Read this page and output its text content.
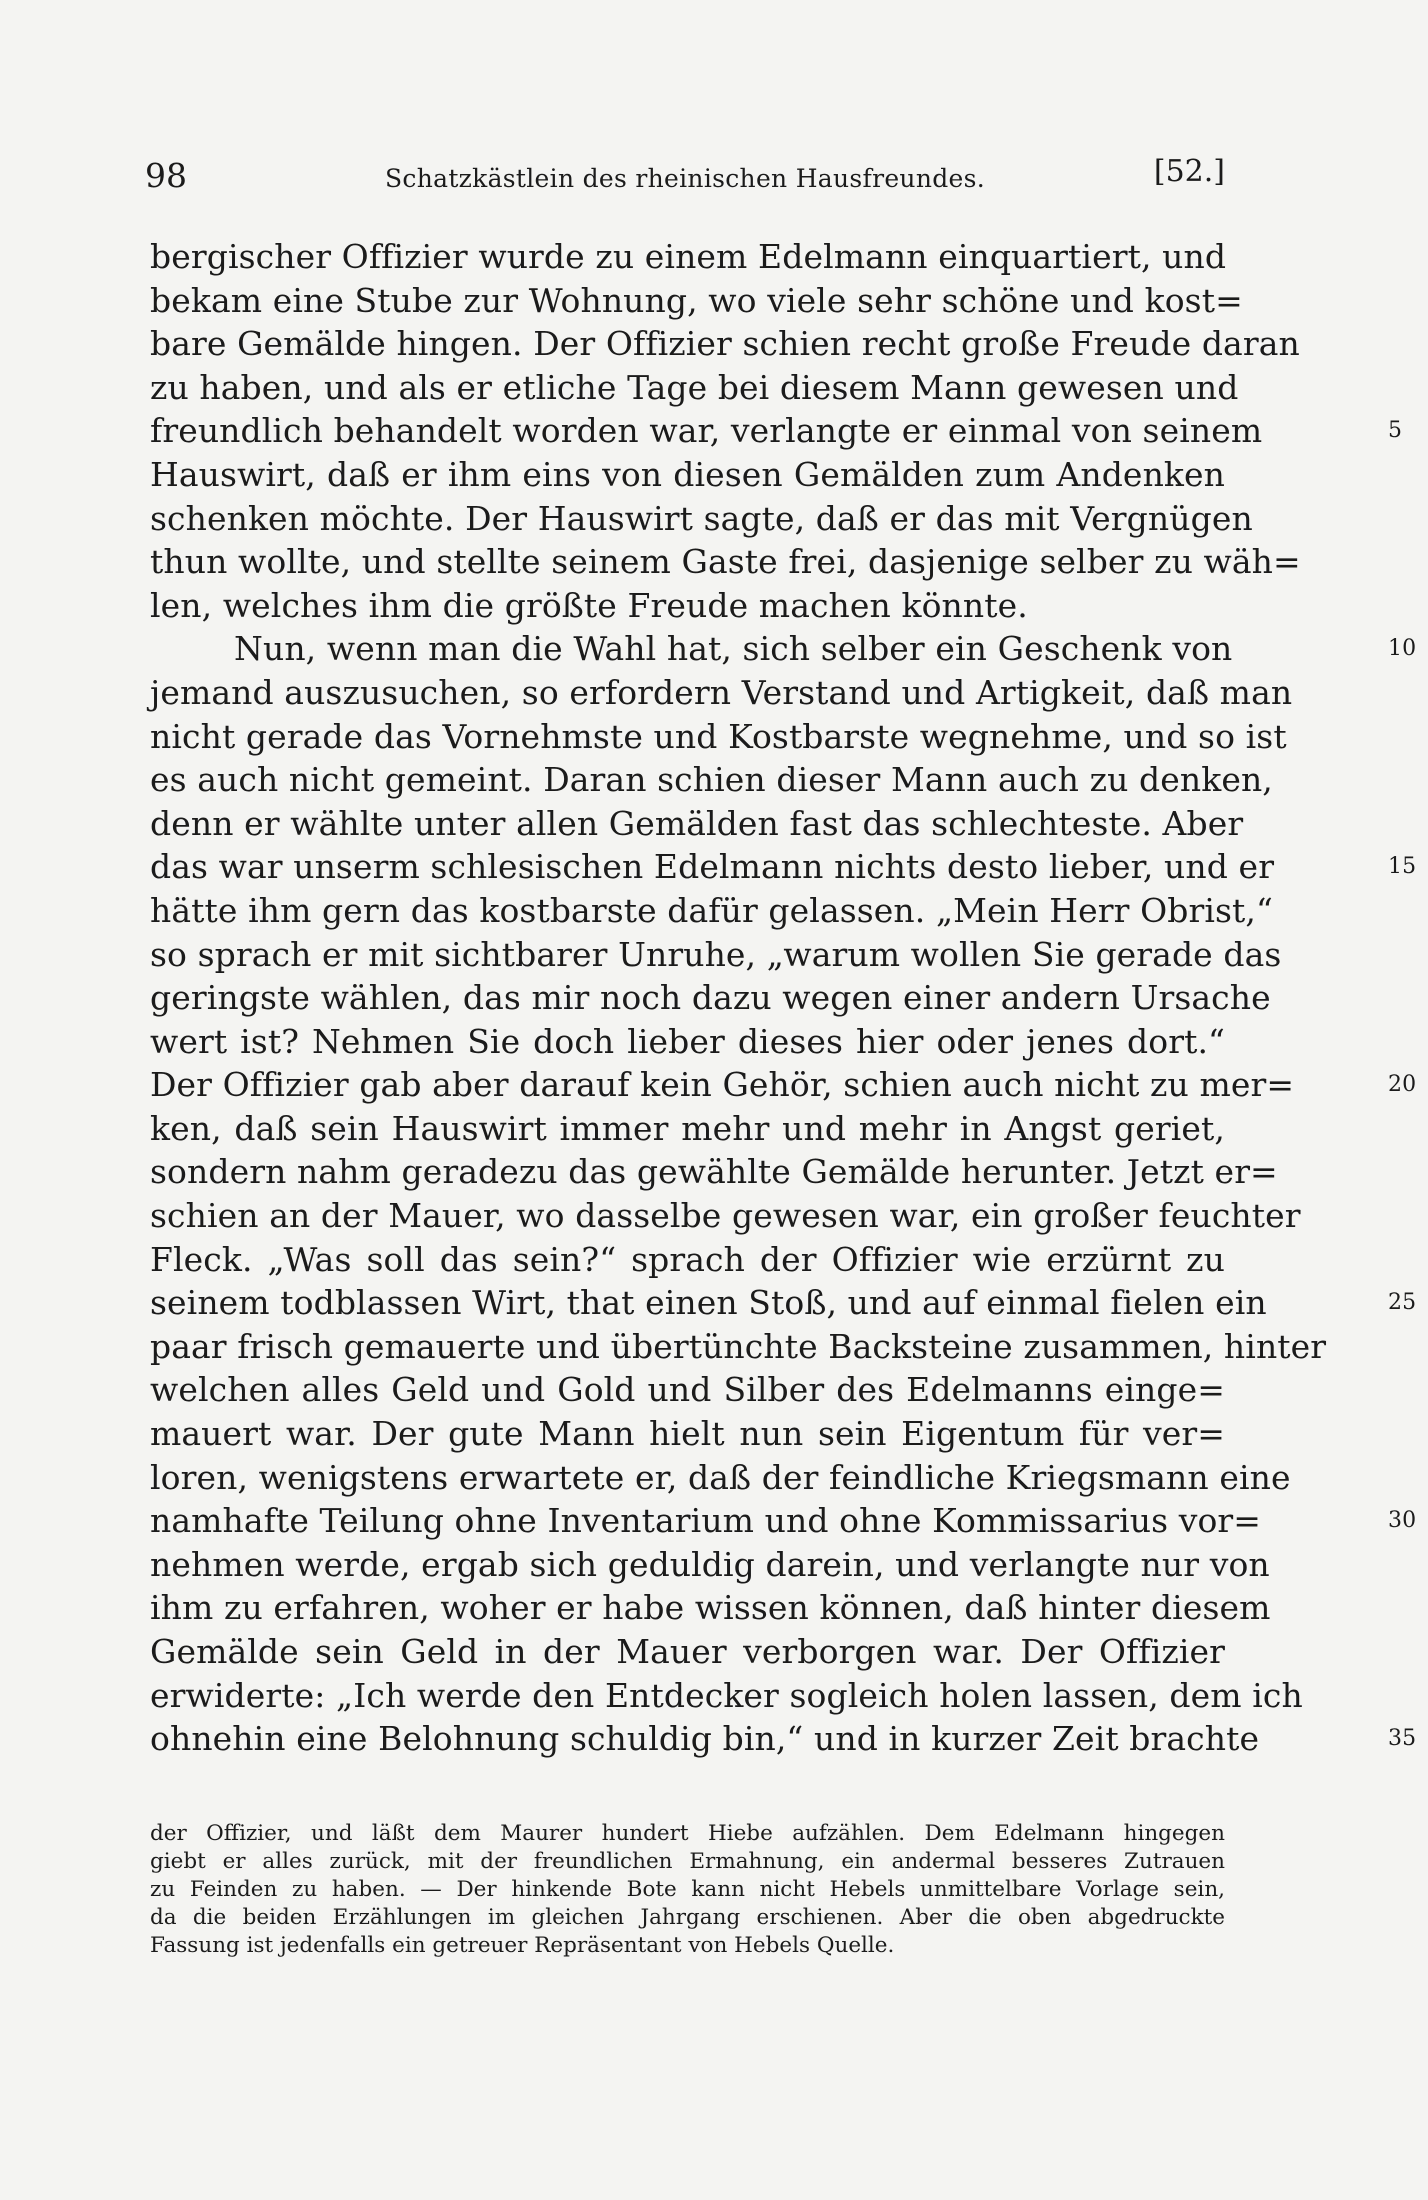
98	Schatzkästlein des rheinischen Hausfreundes.	[52.]
bergischer Offizier wurde zu einem Edelmann einquartiert, und
bekam eine Stube zur Wohnung, wo viele sehr schöne und kost=
bare Gemälde hingen. Der Offizier schien recht große Freude daran
zu haben, und als er etliche Tage bei diesem Mann gewesen und
freundlich behandelt worden war, verlangte er einmal von seinem	5
Hauswirt, daß er ihm eins von diesen Gemälden zum Andenken
schenken möchte. Der Hauswirt sagte, daß er das mit Vergnügen
thun wollte, und stellte seinem Gaste frei, dasjenige selber zu wäh=
len, welches ihm die größte Freude machen könnte.
Nun, wenn man die Wahl hat, sich selber ein Geschenk von	10
jemand auszusuchen, so erfordern Verstand und Artigkeit, daß man
nicht gerade das Vornehmste und Kostbarste wegnehme, und so ist
es auch nicht gemeint. Daran schien dieser Mann auch zu denken,
denn er wählte unter allen Gemälden fast das schlechteste. Aber
das war unserm schlesischen Edelmann nichts desto lieber, und er	15
hätte ihm gern das kostbarste dafür gelassen. „Mein Herr Obrist,“
so sprach er mit sichtbarer Unruhe, „warum wollen Sie gerade das
geringste wählen, das mir noch dazu wegen einer andern Ursache
wert ist? Nehmen Sie doch lieber dieses hier oder jenes dort.“
Der Offizier gab aber darauf kein Gehör, schien auch nicht zu mer=	20
ken, daß sein Hauswirt immer mehr und mehr in Angst geriet,
sondern nahm geradezu das gewählte Gemälde herunter. Jetzt er=
schien an der Mauer, wo dasselbe gewesen war, ein großer feuchter
Fleck. „Was soll das sein?“ sprach der Offizier wie erzürnt zu
seinem todblassen Wirt, that einen Stoß, und auf einmal fielen ein	25
paar frisch gemauerte und übertünchte Backsteine zusammen, hinter
welchen alles Geld und Gold und Silber des Edelmanns einge=
mauert war. Der gute Mann hielt nun sein Eigentum für ver=
loren, wenigstens erwartete er, daß der feindliche Kriegsmann eine
namhafte Teilung ohne Inventarium und ohne Kommissarius vor=	30
nehmen werde, ergab sich geduldig darein, und verlangte nur von
ihm zu erfahren, woher er habe wissen können, daß hinter diesem
Gemälde sein Geld in der Mauer verborgen war. Der Offizier
erwiderte: „Ich werde den Entdecker sogleich holen lassen, dem ich
ohnehin eine Belohnung schuldig bin,“ und in kurzer Zeit brachte	35
der Offizier, und läßt dem Maurer hundert Hiebe aufzählen. Dem Edelmann hingegen
giebt er alles zurück, mit der freundlichen Ermahnung, ein andermal besseres Zutrauen
zu Feinden zu haben. — Der hinkende Bote kann nicht Hebels unmittelbare Vorlage sein,
da die beiden Erzählungen im gleichen Jahrgang erschienen. Aber die oben abgedruckte
Fassung ist jedenfalls ein getreuer Repräsentant von Hebels Quelle.
